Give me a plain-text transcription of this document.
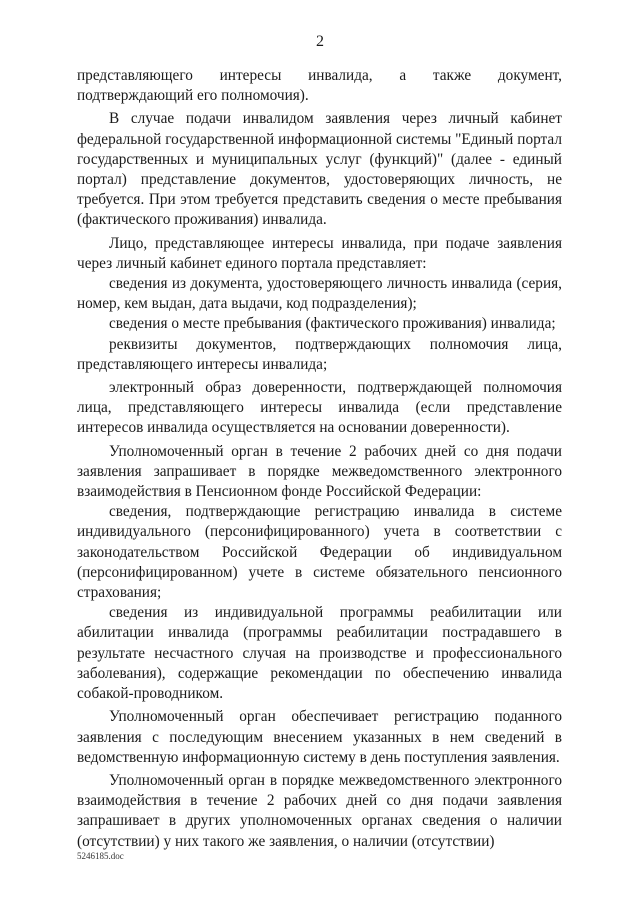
2

представляющего интересы инвалида, а также документ, подтверждающий его полномочия).

В случае подачи инвалидом заявления через личный кабинет федеральной государственной информационной системы "Единый портал государственных и муниципальных услуг (функций)" (далее - единый портал) представление документов, удостоверяющих личность, не требуется. При этом требуется представить сведения о месте пребывания (фактического проживания) инвалида.

Лицо, представляющее интересы инвалида, при подаче заявления через личный кабинет единого портала представляет:

сведения из документа, удостоверяющего личность инвалида (серия, номер, кем выдан, дата выдачи, код подразделения);

сведения о месте пребывания (фактического проживания) инвалида;

реквизиты документов, подтверждающих полномочия лица, представляющего интересы инвалида;

электронный образ доверенности, подтверждающей полномочия лица, представляющего интересы инвалида (если представление интересов инвалида осуществляется на основании доверенности).

Уполномоченный орган в течение 2 рабочих дней со дня подачи заявления запрашивает в порядке межведомственного электронного взаимодействия в Пенсионном фонде Российской Федерации:

сведения, подтверждающие регистрацию инвалида в системе индивидуального (персонифицированного) учета в соответствии с законодательством Российской Федерации об индивидуальном (персонифицированном) учете в системе обязательного пенсионного страхования;

сведения из индивидуальной программы реабилитации или абилитации инвалида (программы реабилитации пострадавшего в результате несчастного случая на производстве и профессионального заболевания), содержащие рекомендации по обеспечению инвалида собакой-проводником.

Уполномоченный орган обеспечивает регистрацию поданного заявления с последующим внесением указанных в нем сведений в ведомственную информационную систему в день поступления заявления.

Уполномоченный орган в порядке межведомственного электронного взаимодействия в течение 2 рабочих дней со дня подачи заявления запрашивает в других уполномоченных органах сведения о наличии (отсутствии) у них такого же заявления, о наличии (отсутствии)

5246185.doc
